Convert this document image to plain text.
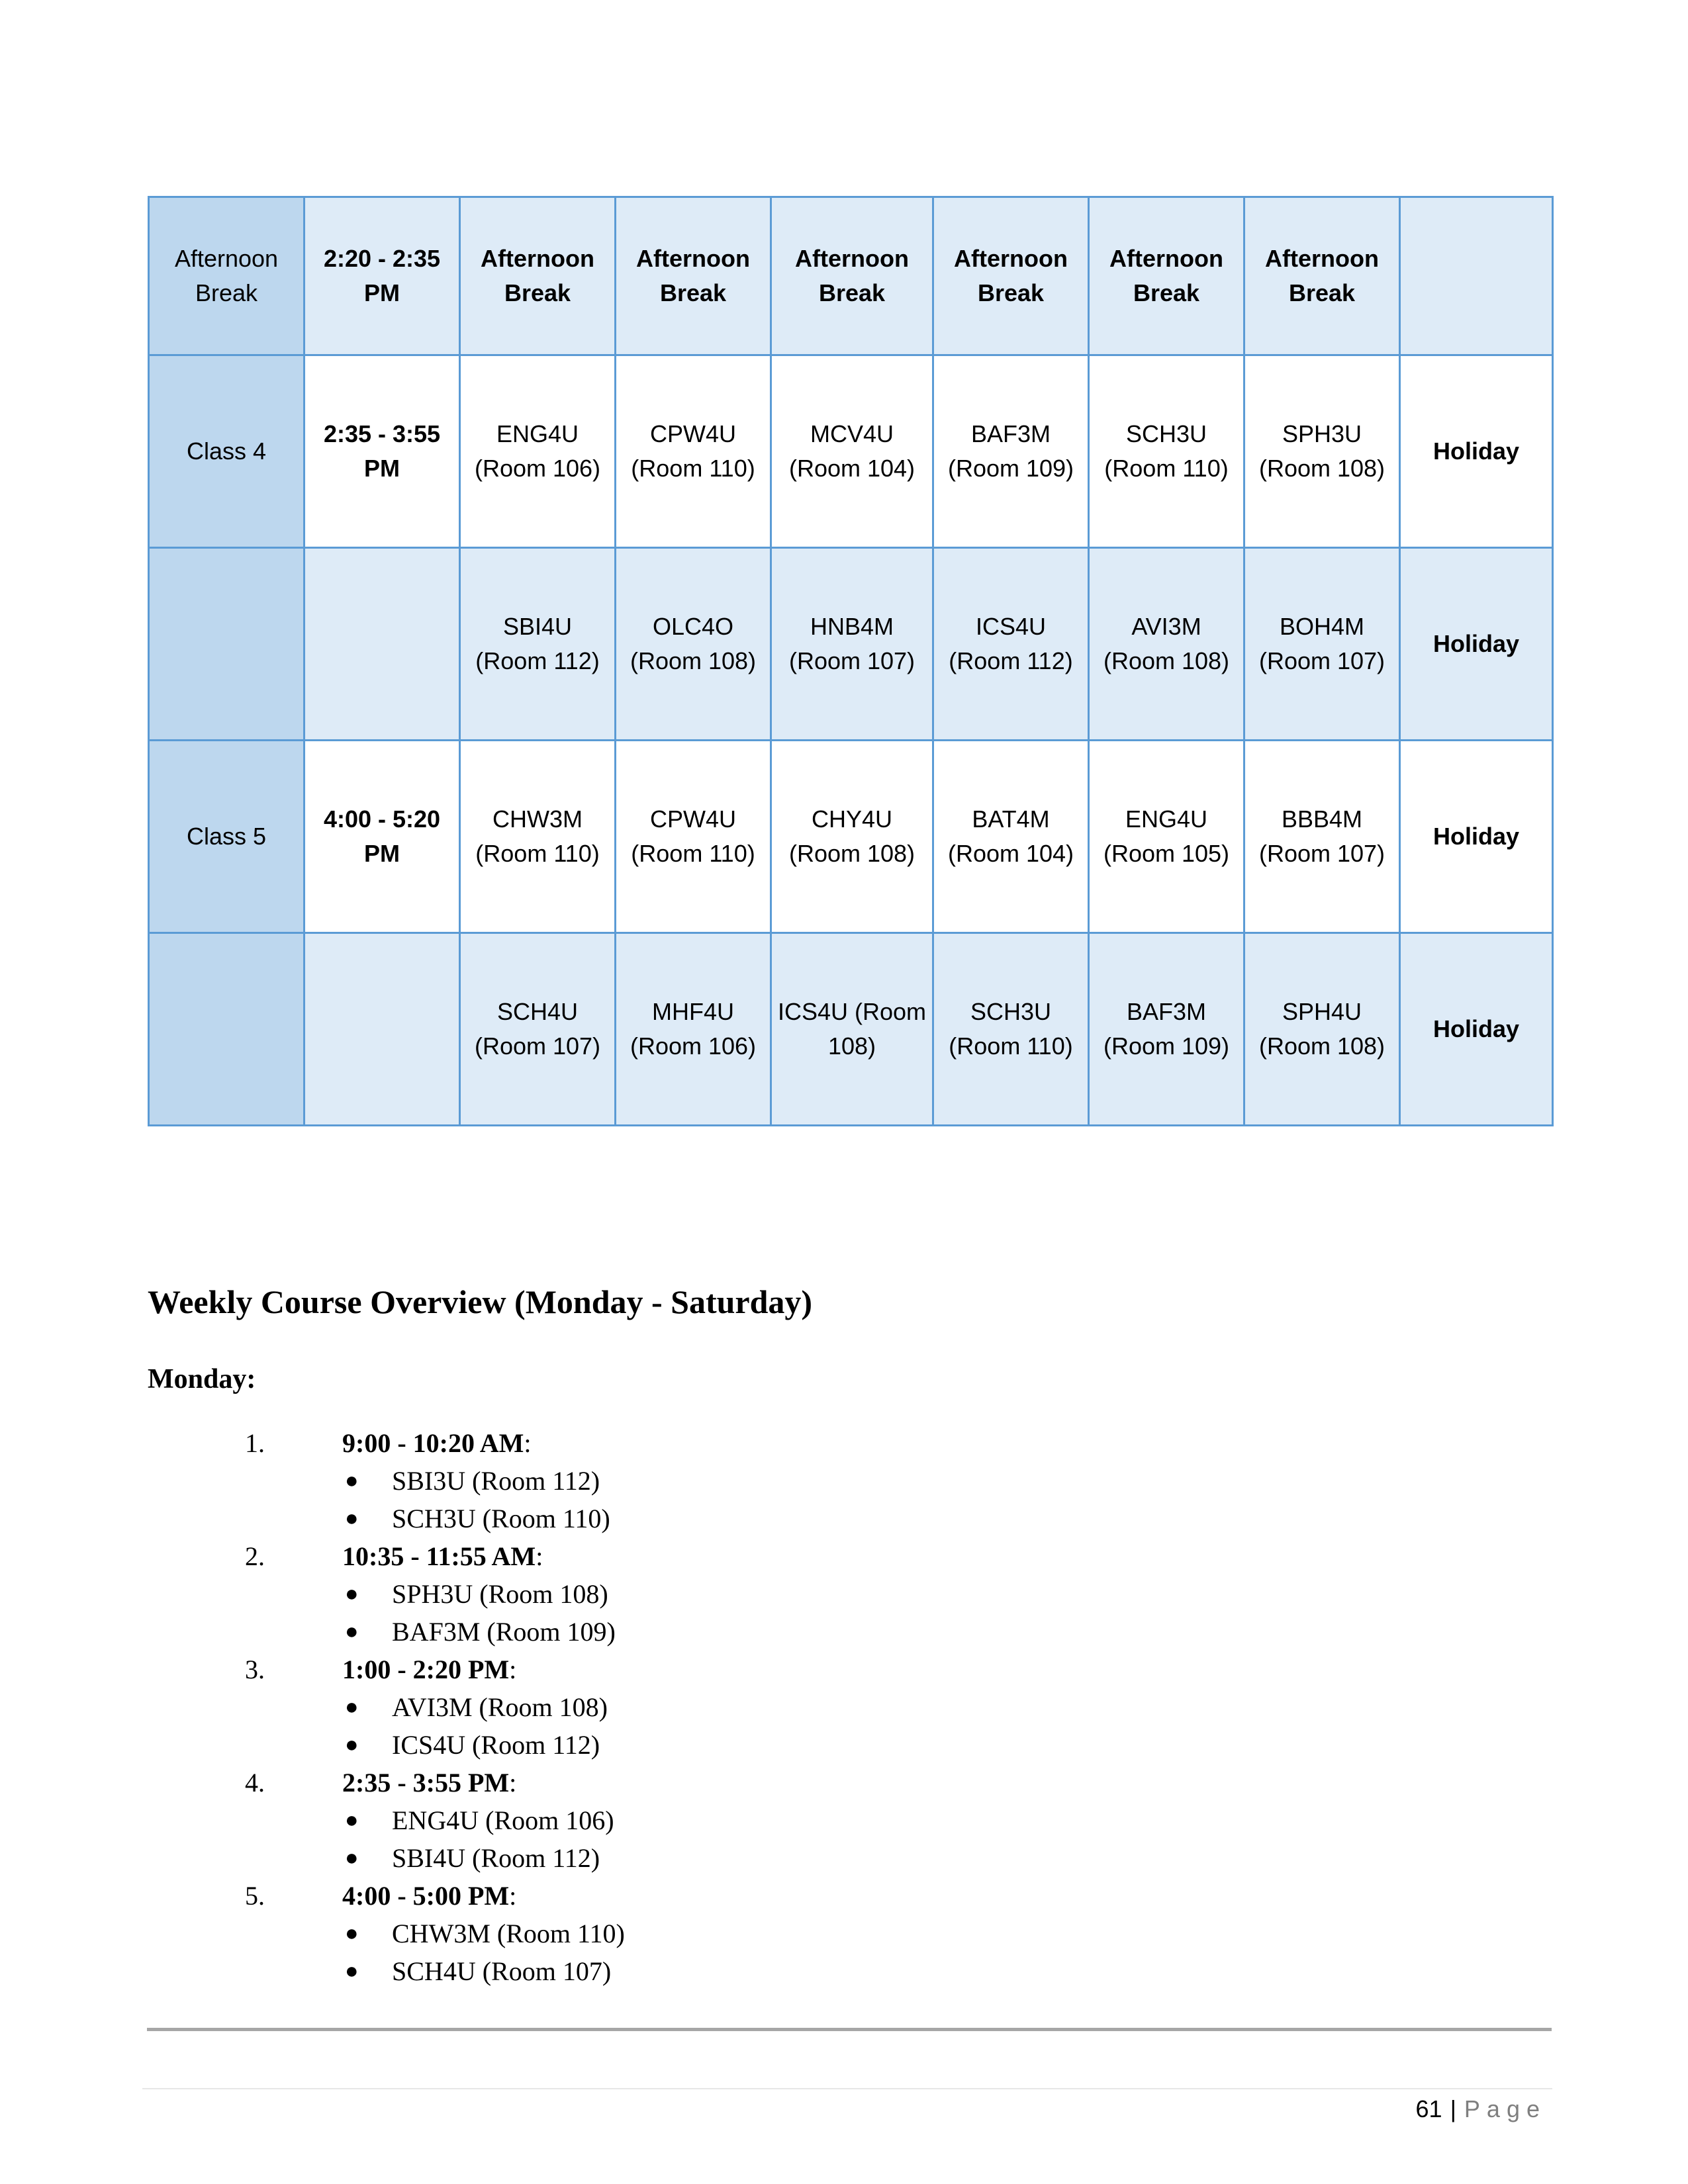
Afternoon Break	2:20 - 2:35 PM	Afternoon Break	Afternoon Break	Afternoon Break	Afternoon Break	Afternoon Break	Afternoon Break	
Class 4	2:35 - 3:55 PM	ENG4U (Room 106)	CPW4U (Room 110)	MCV4U (Room 104)	BAF3M (Room 109)	SCH3U (Room 110)	SPH3U (Room 108)	Holiday
		SBI4U (Room 112)	OLC4O (Room 108)	HNB4M (Room 107)	ICS4U (Room 112)	AVI3M (Room 108)	BOH4M (Room 107)	Holiday
Class 5	4:00 - 5:20 PM	CHW3M (Room 110)	CPW4U (Room 110)	CHY4U (Room 108)	BAT4M (Room 104)	ENG4U (Room 105)	BBB4M (Room 107)	Holiday
		SCH4U (Room 107)	MHF4U (Room 106)	ICS4U (Room 108)	SCH3U (Room 110)	BAF3M (Room 109)	SPH4U (Room 108)	Holiday
Weekly Course Overview (Monday - Saturday)
Monday:
1.	9:00 - 10:20 AM:
● SBI3U (Room 112)
● SCH3U (Room 110)
2.	10:35 - 11:55 AM:
● SPH3U (Room 108)
● BAF3M (Room 109)
3.	1:00 - 2:20 PM:
● AVI3M (Room 108)
● ICS4U (Room 112)
4.	2:35 - 3:55 PM:
● ENG4U (Room 106)
● SBI4U (Room 112)
5.	4:00 - 5:00 PM:
● CHW3M (Room 110)
● SCH4U (Room 107)
61 | Page
